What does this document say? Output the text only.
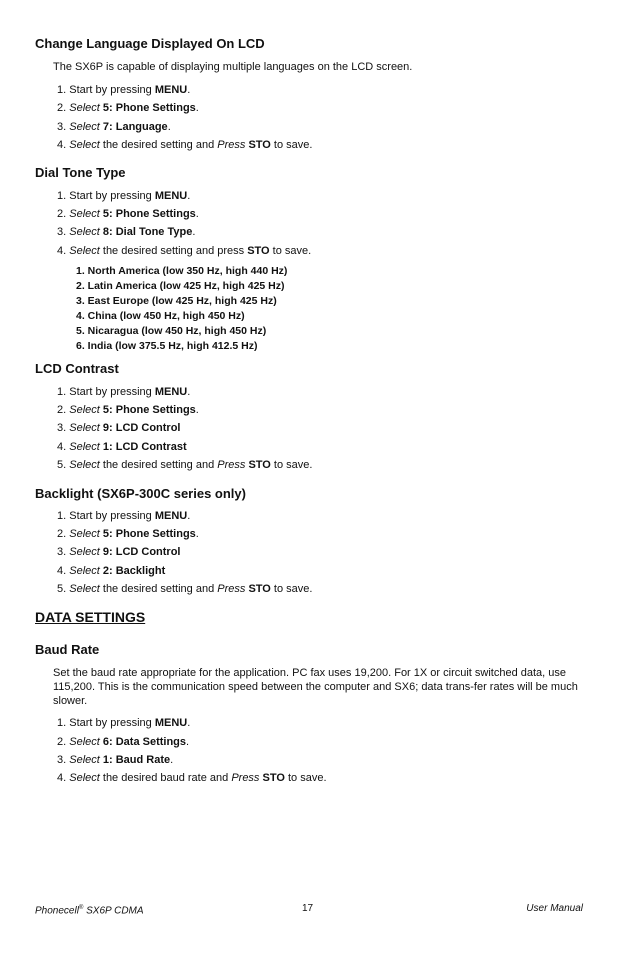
Change Language Displayed On LCD

The SX6P is capable of displaying multiple languages on the LCD screen.

1. Start by pressing MENU.
2. Select 5: Phone Settings.
3. Select 7: Language.
4. Select the desired setting and Press STO to save.
Dial Tone Type
1. Start by pressing MENU.
2. Select 5: Phone Settings.
3. Select 8: Dial Tone Type.
4. Select the desired setting and press STO to save.
1. North America (low 350 Hz, high 440 Hz)
2. Latin America (low 425 Hz, high 425 Hz)
3. East Europe (low 425 Hz, high 425 Hz)
4. China (low 450 Hz, high 450 Hz)
5. Nicaragua (low 450 Hz, high 450 Hz)
6. India (low 375.5 Hz, high 412.5 Hz)
LCD Contrast
1. Start by pressing MENU.
2. Select 5: Phone Settings.
3. Select 9: LCD Control
4. Select 1: LCD Contrast
5. Select the desired setting and Press STO to save.
Backlight (SX6P-300C series only)
1. Start by pressing MENU.
2. Select 5: Phone Settings.
3. Select 9: LCD Control
4. Select 2: Backlight
5. Select the desired setting and Press STO to save.
DATA SETTINGS
Baud Rate

Set the baud rate appropriate for the application. PC fax uses 19,200. For 1X or circuit switched data, use 115,200. This is the communication speed between the computer and SX6; data trans-fer rates will be much slower.

1. Start by pressing MENU.
2. Select 6: Data Settings.
3. Select 1: Baud Rate.
4. Select the desired baud rate and Press STO to save.
Phonecell® SX6P CDMA	17	User Manual
